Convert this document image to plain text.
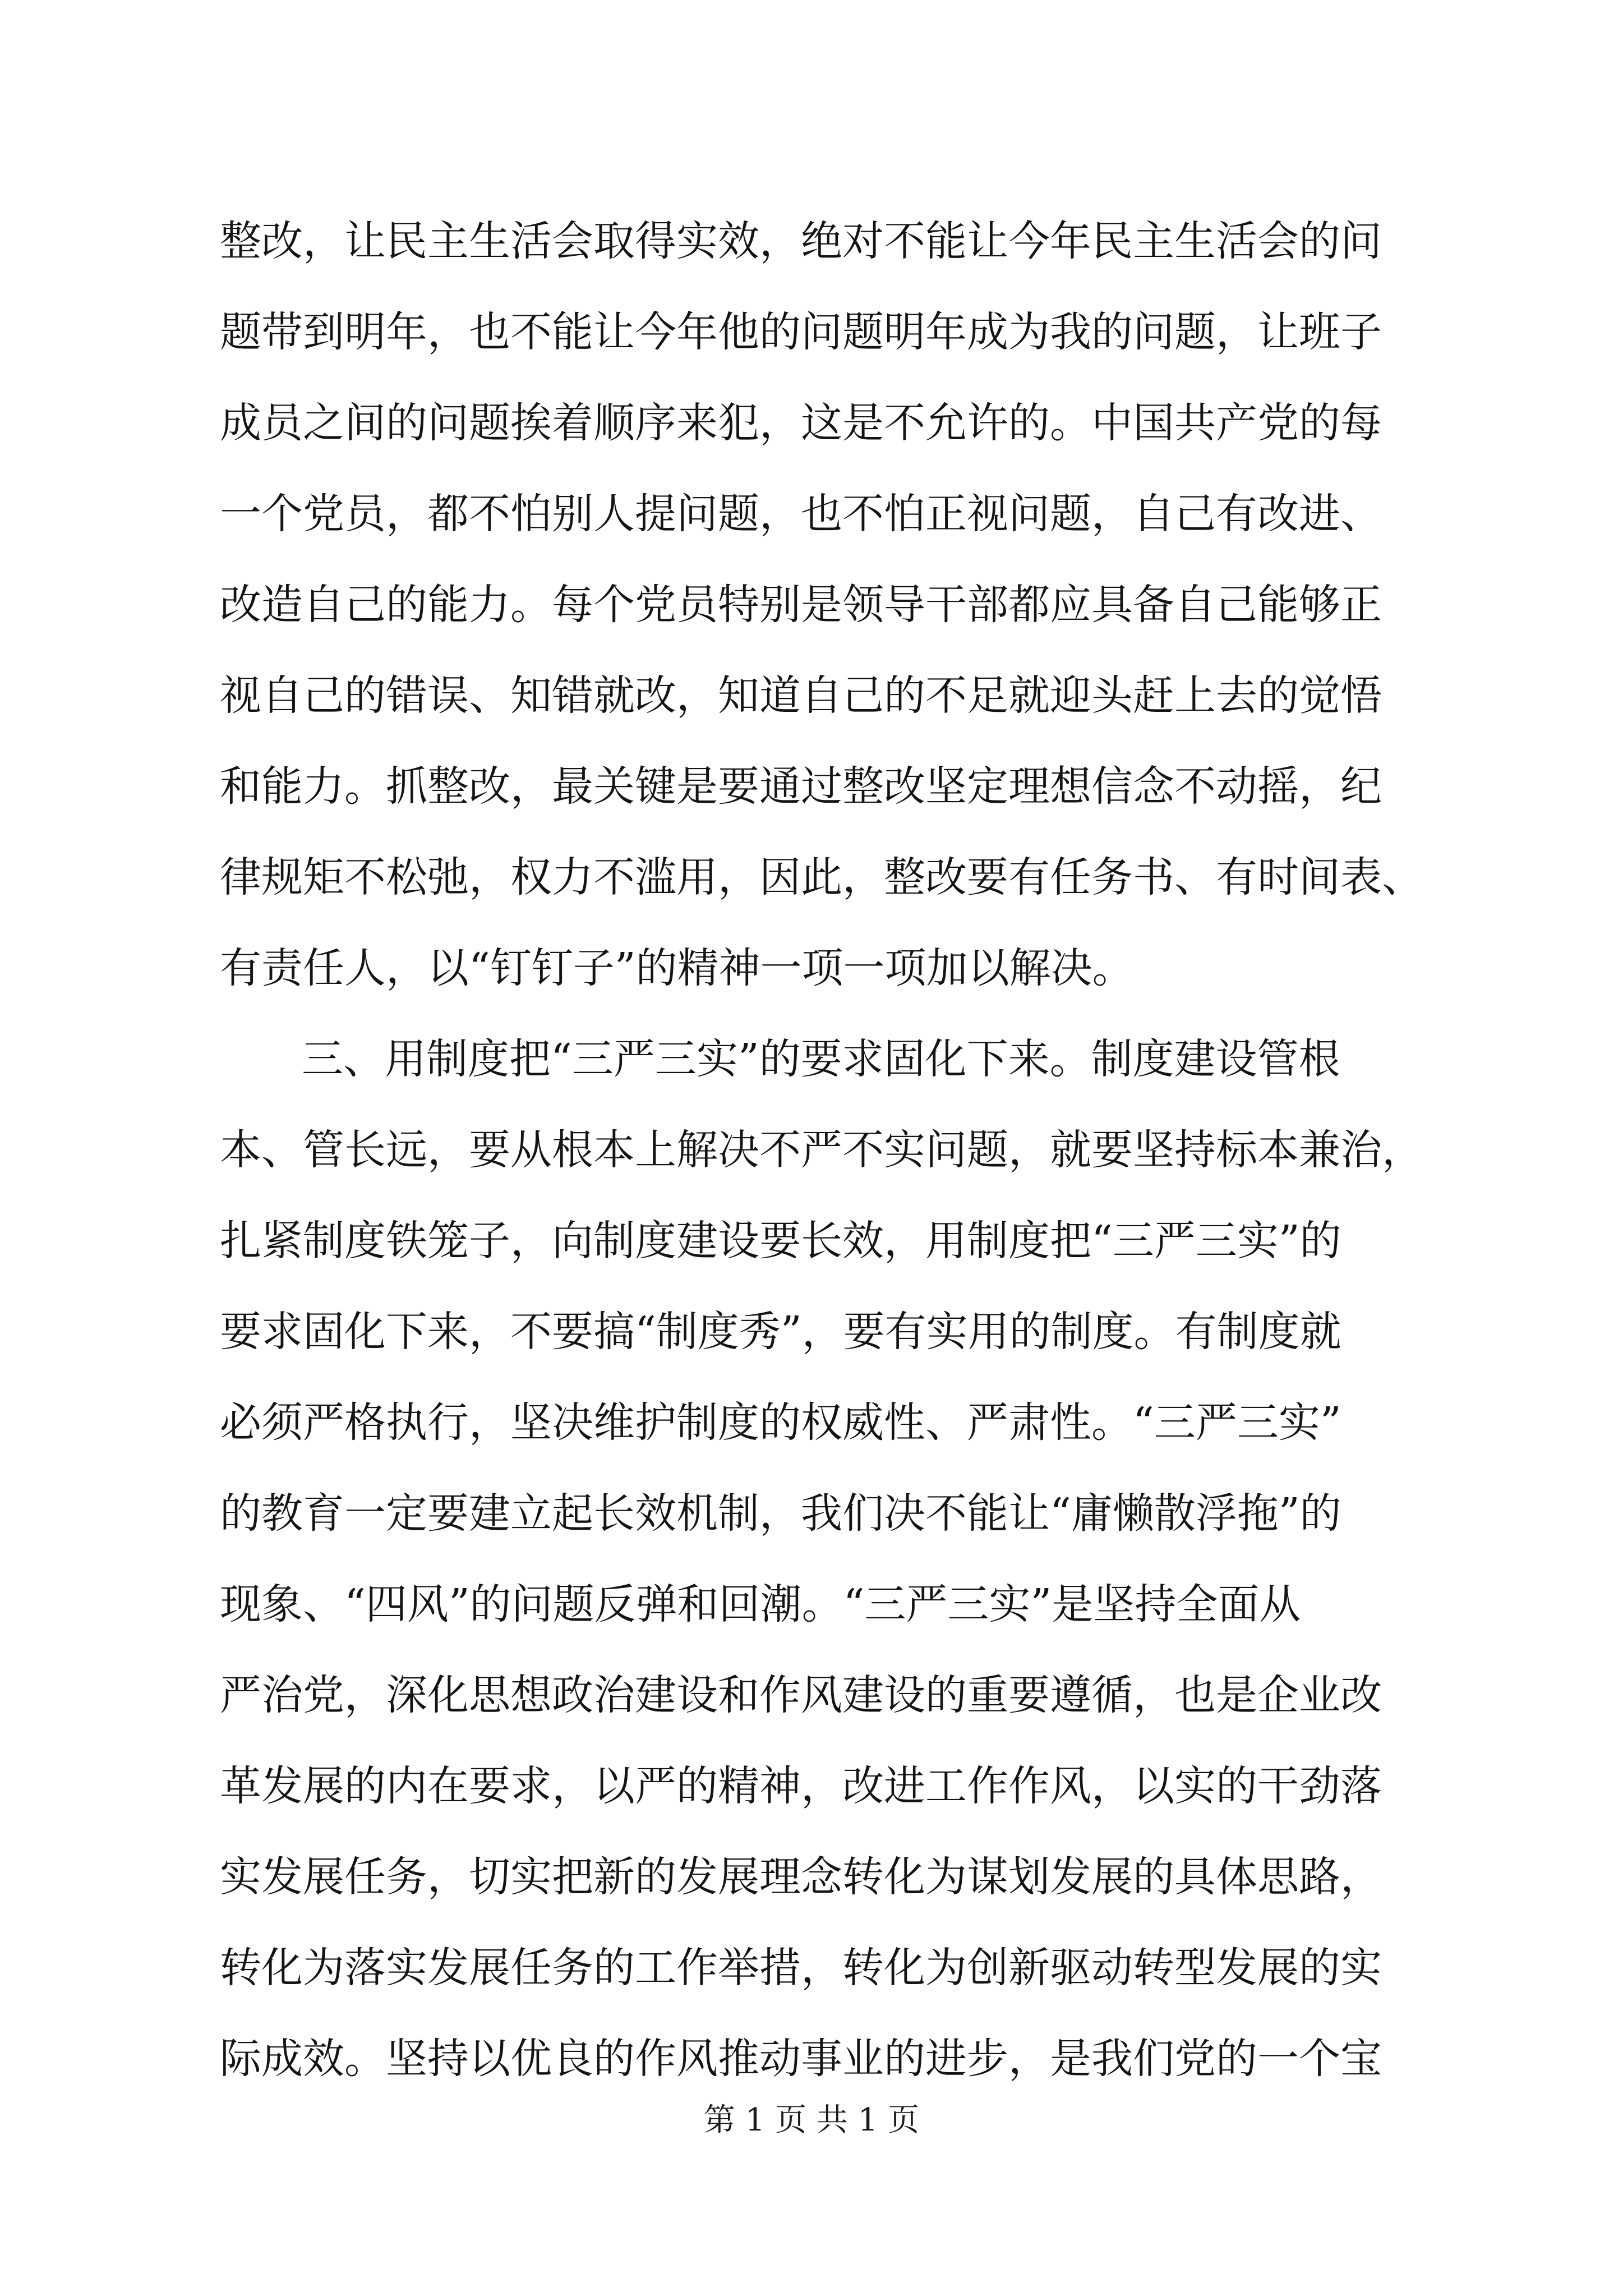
整改，让民主生活会取得实效，绝对不能让今年民主生活会的问
题带到明年，也不能让今年他的问题明年成为我的问题，让班子
成员之间的问题挨着顺序来犯，这是不允许的。中国共产党的每
一个党员，都不怕别人提问题，也不怕正视问题，自己有改进、
改造自己的能力。每个党员特别是领导干部都应具备自己能够正
视自己的错误、知错就改，知道自己的不足就迎头赶上去的觉悟
和能力。抓整改，最关键是要通过整改坚定理想信念不动摇，纪
律规矩不松弛，权力不滥用，因此，整改要有任务书、有时间表、
有责任人，以“钉钉子”的精神一项一项加以解决。
三、用制度把“三严三实”的要求固化下来。制度建设管根
本、管长远，要从根本上解决不严不实问题，就要坚持标本兼治，
扎紧制度铁笼子，向制度建设要长效，用制度把“三严三实”的
要求固化下来，不要搞“制度秀”，要有实用的制度。有制度就
必须严格执行，坚决维护制度的权威性、严肃性。“三严三实”
的教育一定要建立起长效机制，我们决不能让“庸懒散浮拖”的
现象、“四风”的问题反弹和回潮。“三严三实”是坚持全面从
严治党，深化思想政治建设和作风建设的重要遵循，也是企业改
革发展的内在要求，以严的精神，改进工作作风，以实的干劲落
实发展任务，切实把新的发展理念转化为谋划发展的具体思路，
转化为落实发展任务的工作举措，转化为创新驱动转型发展的实
际成效。坚持以优良的作风推动事业的进步，是我们党的一个宝
第 1 页 共 1 页
